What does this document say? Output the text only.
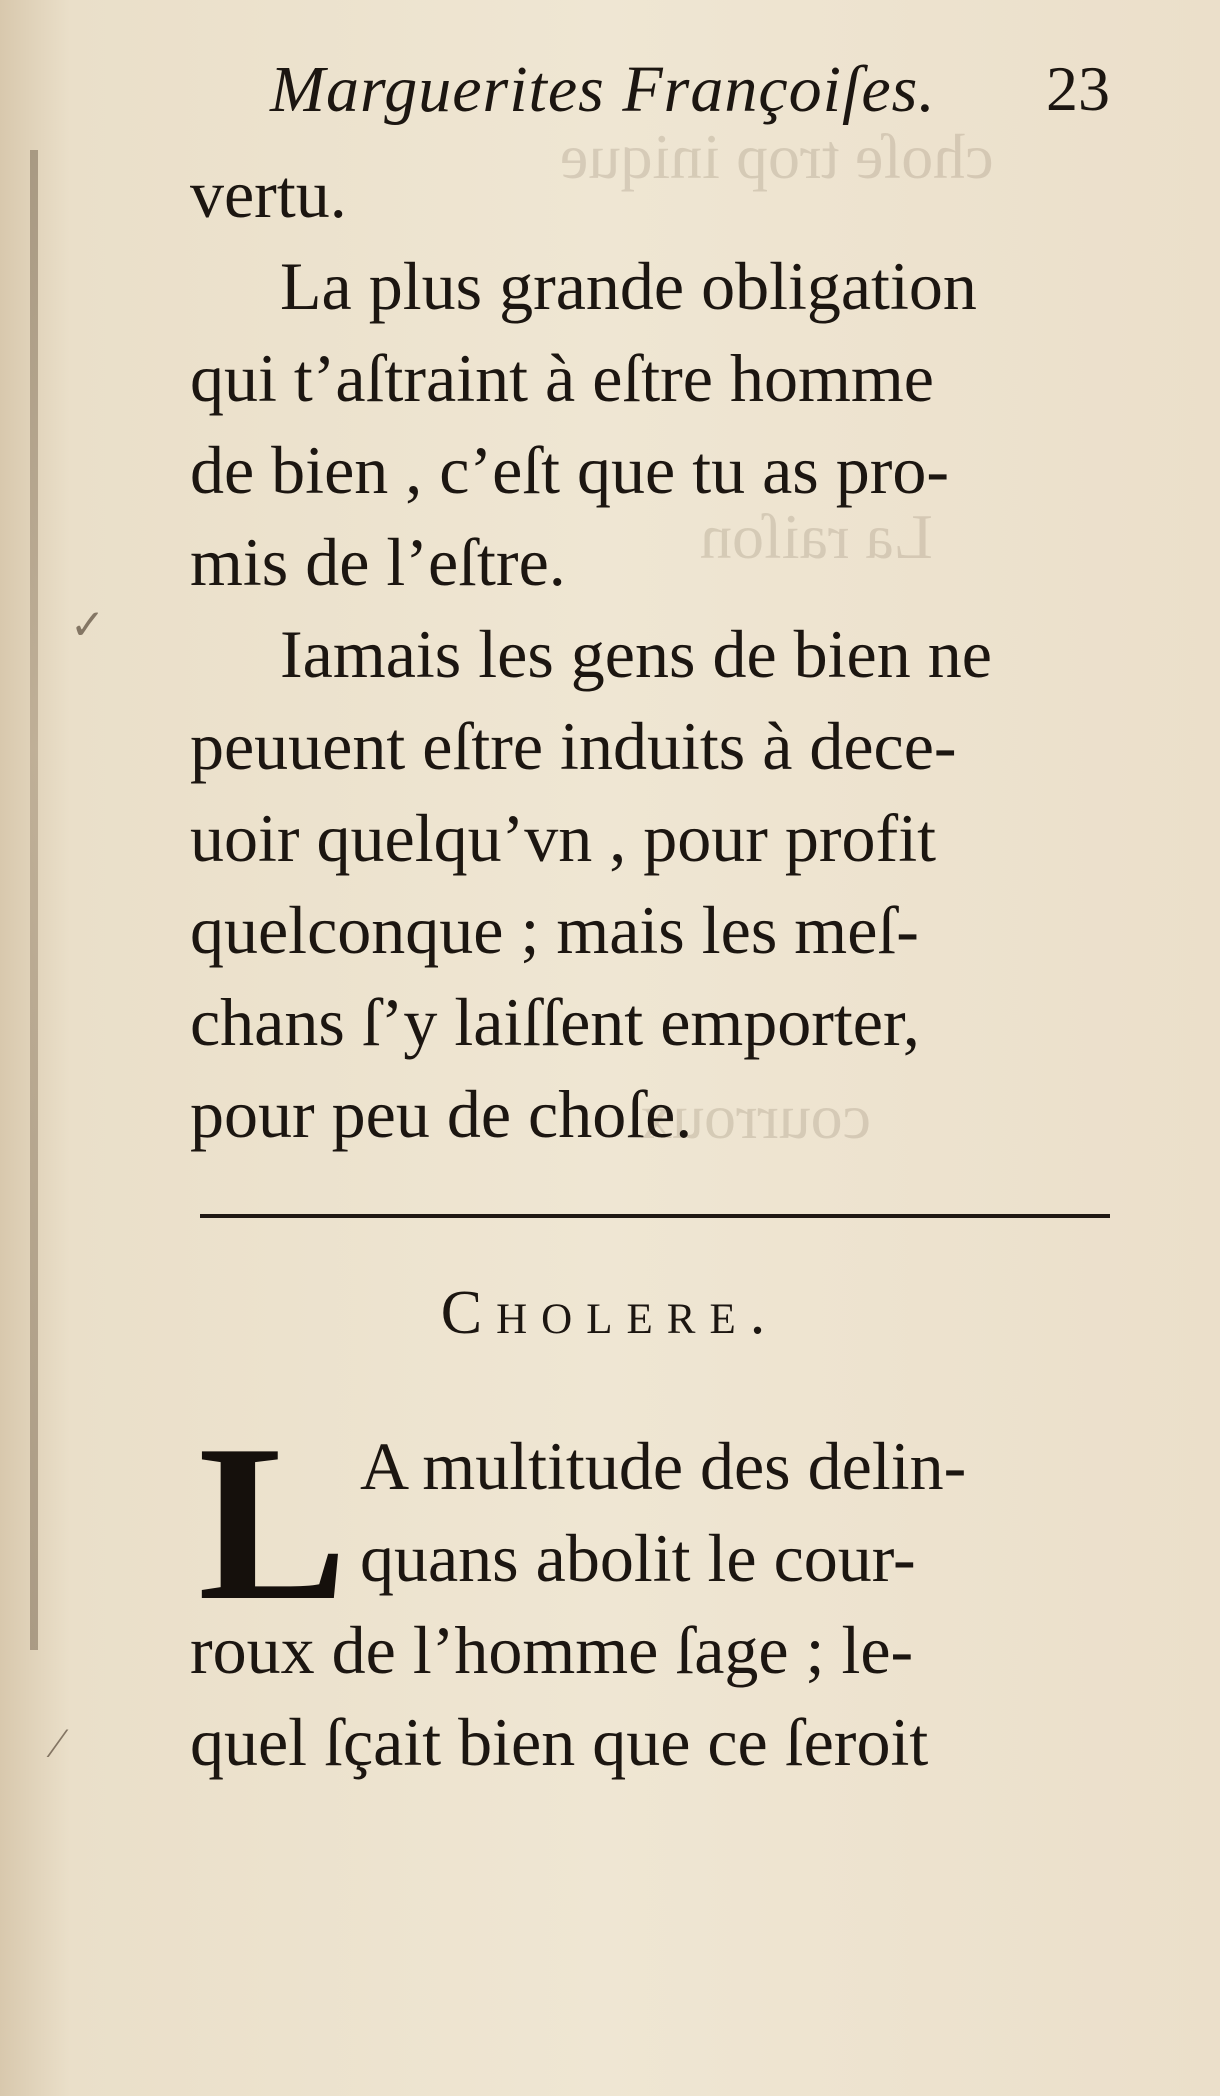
choſe trop inique
La raiſon
courroux
✓
∕
Marguerites Françoiſes. 23
vertu.
La plus grande obligation
qui t’aſtraint à eſtre homme
de bien , c’eſt que tu as pro-
mis de l’eſtre.
Iamais les gens de bien ne
peuuent eſtre induits à dece-
uoir quelqu’vn , pour profit
quelconque ; mais les meſ-
chans ſ’y laiſſent emporter,
pour peu de choſe.
Cholere.
L A multitude des delin-
quans abolit le cour-
roux de l’homme ſage ; le-
quel ſçait bien que ce ſeroit
